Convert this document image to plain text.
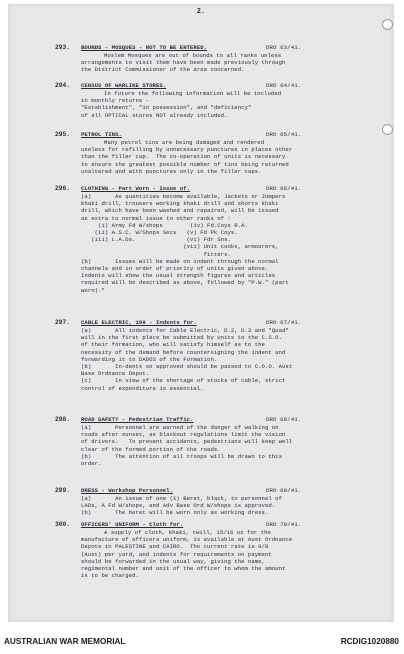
2.
293. BOUNDS - MOSQUES - NOT TO BE ENTERED.	DRO 63/41.
Moslem Mosques are out of bounds to all ranks unless
arrangements to visit them have been made previously through
the District Commissioner of the area concerned.
294. CENSUS OF WARLIKE STORES.	DRO 64/41.
In future the following information will be included
in monthly returns -
"Establishment", "in possession", and "deficiency"
of all OPTICAL stores NOT already included.
295. PETROL TINS.	DRO 65/41.
Many petrol tins are being damaged and rendered
useless for refilling by unnecessary punctures in places other
than the filler cap.  The co-operation of units is necessary
to ensure the greatest possible number of tins being returned
unaltered and with punctures only in the filler caps.
296. CLOTHING - Part Worn - Issue of.	DRO 66/41.
(a)       As quantities become available, Jackets or Jumpers
khaki drill, trousers working khaki drill and shorts khaki
drill, which have been washed and repaired, will be issued
as extra to normal issue to other ranks of :
(i) Army Fd W/shops        (iv) Fd.Coys R.A.
(ii) A.S.C. W/Shops Secs   (v) Fd Pk Coys.
(iii) L.A.Ds.               (vi) Fdr Sns.
(vii) Unit cooks, armourers,
fitters.
(b)       Issues will be made on indent through the normal
channels and in order of priority of units given above.
Indents will show the usual strength figures and articles
required will be described as above, followed by "P.W." (part
worn)."
297. CABLE ELECTRIC, 190 - Indents for.	DRO 67/41.
(a)       All indents for Cable Electric, D.2, D.3 and "Quad"
will in the first place be submitted by units to the C.S.O.
of their formation, who will satisfy himself as to the
necessity of the demand before countersigning the indent and
forwarding it to DADOS of the Formation.
(b)       In-dents so approved should be passed to C.O.O. Aust
Base Ordnance Depot.
(c)       In view of the shortage of stocks of cable, strict
control of expenditure is essential.
298. ROAD SAFETY - Pedestrian Traffic.	DRO 68/41.
(a)       Personnel are warned of the danger of walking on
roads after sunset, as blackout regulations limit the vision
of drivers.   To prevent accidents, pedestrians will keep well
clear of the formed portion of the roads.
(b)       The attention of all troops will be drawn to this
order.
299. DRESS - Workshop Personnel.	DRO 69/41.
(a)       An issue of one (1) Beret, black, to personnel of
LADs, A Fd W/shops, and Adv Base Ord W/shops is approved.
(b)       The beret will be worn only as working dress.
300. OFFICERS' UNIFORM - Cloth for.	DRO 70/41.
A supply of cloth, khaki, twill, 15/16 oz for the
manufacture of officers uniform, is available at Aust Ordnance
Depots in PALESTINE and CAIRO.  The current rate is 9/8
(Aust) per yard, and indents for requirements on payment
should be forwarded in the usual way, giving the name,
regimental number and unit of the officer to whom the amount
is to be charged.
AUSTRALIAN WAR MEMORIAL	RCDIG1020880
